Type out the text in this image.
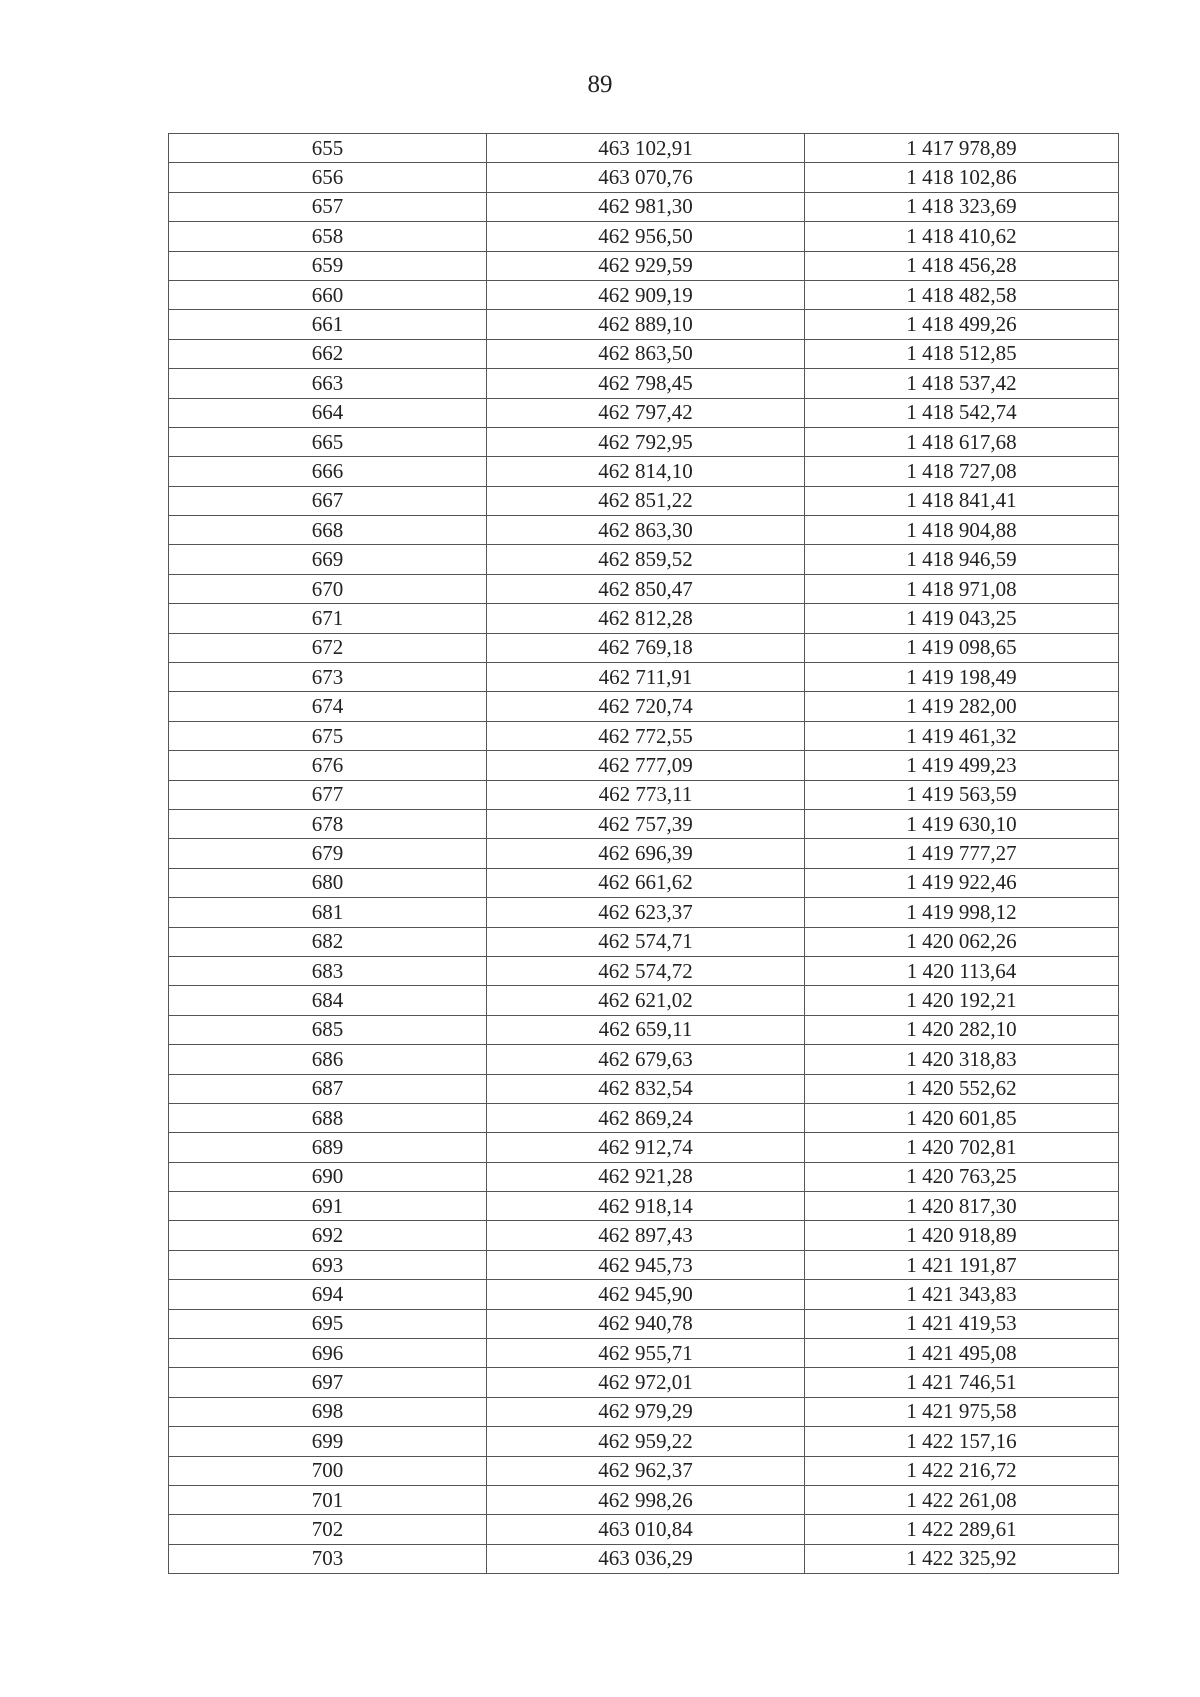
89
655	463 102,91	1 417 978,89
656	463 070,76	1 418 102,86
657	462 981,30	1 418 323,69
658	462 956,50	1 418 410,62
659	462 929,59	1 418 456,28
660	462 909,19	1 418 482,58
661	462 889,10	1 418 499,26
662	462 863,50	1 418 512,85
663	462 798,45	1 418 537,42
664	462 797,42	1 418 542,74
665	462 792,95	1 418 617,68
666	462 814,10	1 418 727,08
667	462 851,22	1 418 841,41
668	462 863,30	1 418 904,88
669	462 859,52	1 418 946,59
670	462 850,47	1 418 971,08
671	462 812,28	1 419 043,25
672	462 769,18	1 419 098,65
673	462 711,91	1 419 198,49
674	462 720,74	1 419 282,00
675	462 772,55	1 419 461,32
676	462 777,09	1 419 499,23
677	462 773,11	1 419 563,59
678	462 757,39	1 419 630,10
679	462 696,39	1 419 777,27
680	462 661,62	1 419 922,46
681	462 623,37	1 419 998,12
682	462 574,71	1 420 062,26
683	462 574,72	1 420 113,64
684	462 621,02	1 420 192,21
685	462 659,11	1 420 282,10
686	462 679,63	1 420 318,83
687	462 832,54	1 420 552,62
688	462 869,24	1 420 601,85
689	462 912,74	1 420 702,81
690	462 921,28	1 420 763,25
691	462 918,14	1 420 817,30
692	462 897,43	1 420 918,89
693	462 945,73	1 421 191,87
694	462 945,90	1 421 343,83
695	462 940,78	1 421 419,53
696	462 955,71	1 421 495,08
697	462 972,01	1 421 746,51
698	462 979,29	1 421 975,58
699	462 959,22	1 422 157,16
700	462 962,37	1 422 216,72
701	462 998,26	1 422 261,08
702	463 010,84	1 422 289,61
703	463 036,29	1 422 325,92
